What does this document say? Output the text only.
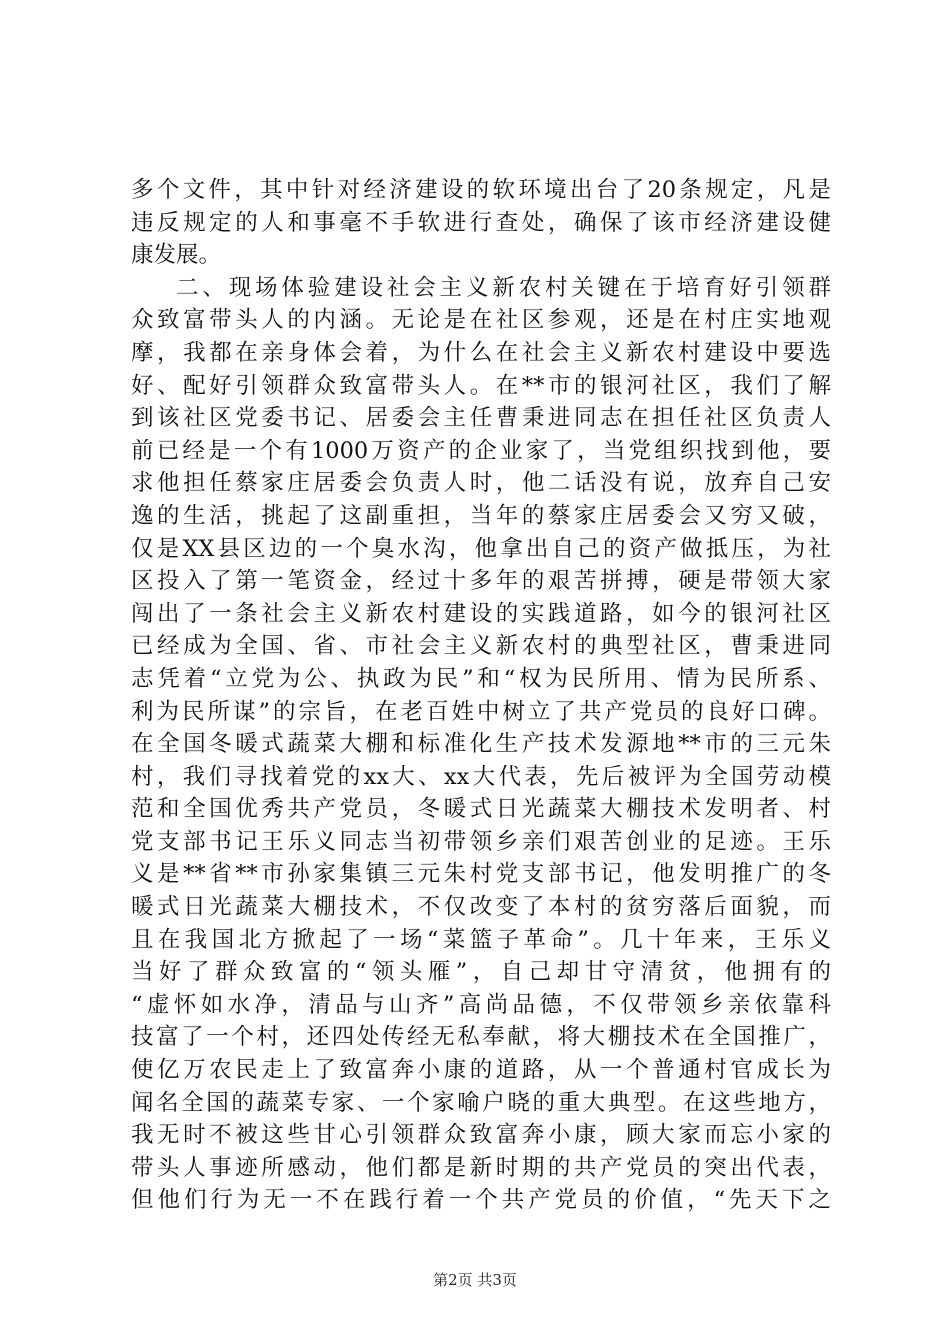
多个文件，其中针对经济建设的软环境出台了20条规定，凡是
违反规定的人和事毫不手软进行查处，确保了该市经济建设健
康发展。
二、现场体验建设社会主义新农村关键在于培育好引领群
众致富带头人的内涵。无论是在社区参观，还是在村庄实地观
摩，我都在亲身体会着，为什么在社会主义新农村建设中要选
好、配好引领群众致富带头人。在**市的银河社区，我们了解
到该社区党委书记、居委会主任曹秉进同志在担任社区负责人
前已经是一个有1000万资产的企业家了，当党组织找到他，要
求他担任蔡家庄居委会负责人时，他二话没有说，放弃自己安
逸的生活，挑起了这副重担，当年的蔡家庄居委会又穷又破，
仅是XX县区边的一个臭水沟，他拿出自己的资产做抵压，为社
区投入了第一笔资金，经过十多年的艰苦拼搏，硬是带领大家
闯出了一条社会主义新农村建设的实践道路，如今的银河社区
已经成为全国、省、市社会主义新农村的典型社区，曹秉进同
志凭着“立党为公、执政为民”和“权为民所用、情为民所系、
利为民所谋”的宗旨，在老百姓中树立了共产党员的良好口碑。
在全国冬暖式蔬菜大棚和标准化生产技术发源地**市的三元朱
村，我们寻找着党的xx大、xx大代表，先后被评为全国劳动模
范和全国优秀共产党员，冬暖式日光蔬菜大棚技术发明者、村
党支部书记王乐义同志当初带领乡亲们艰苦创业的足迹。王乐
义是**省**市孙家集镇三元朱村党支部书记，他发明推广的冬
暖式日光蔬菜大棚技术，不仅改变了本村的贫穷落后面貌，而
且在我国北方掀起了一场“菜篮子革命”。几十年来，王乐义
当好了群众致富的“领头雁”，自己却甘守清贫，他拥有的
“虚怀如水净，清品与山齐”高尚品德，不仅带领乡亲依靠科
技富了一个村，还四处传经无私奉献，将大棚技术在全国推广，
使亿万农民走上了致富奔小康的道路，从一个普通村官成长为
闻名全国的蔬菜专家、一个家喻户晓的重大典型。在这些地方，
我无时不被这些甘心引领群众致富奔小康，顾大家而忘小家的
带头人事迹所感动，他们都是新时期的共产党员的突出代表，
但他们行为无一不在践行着一个共产党员的价值，“先天下之
第2页 共3页
